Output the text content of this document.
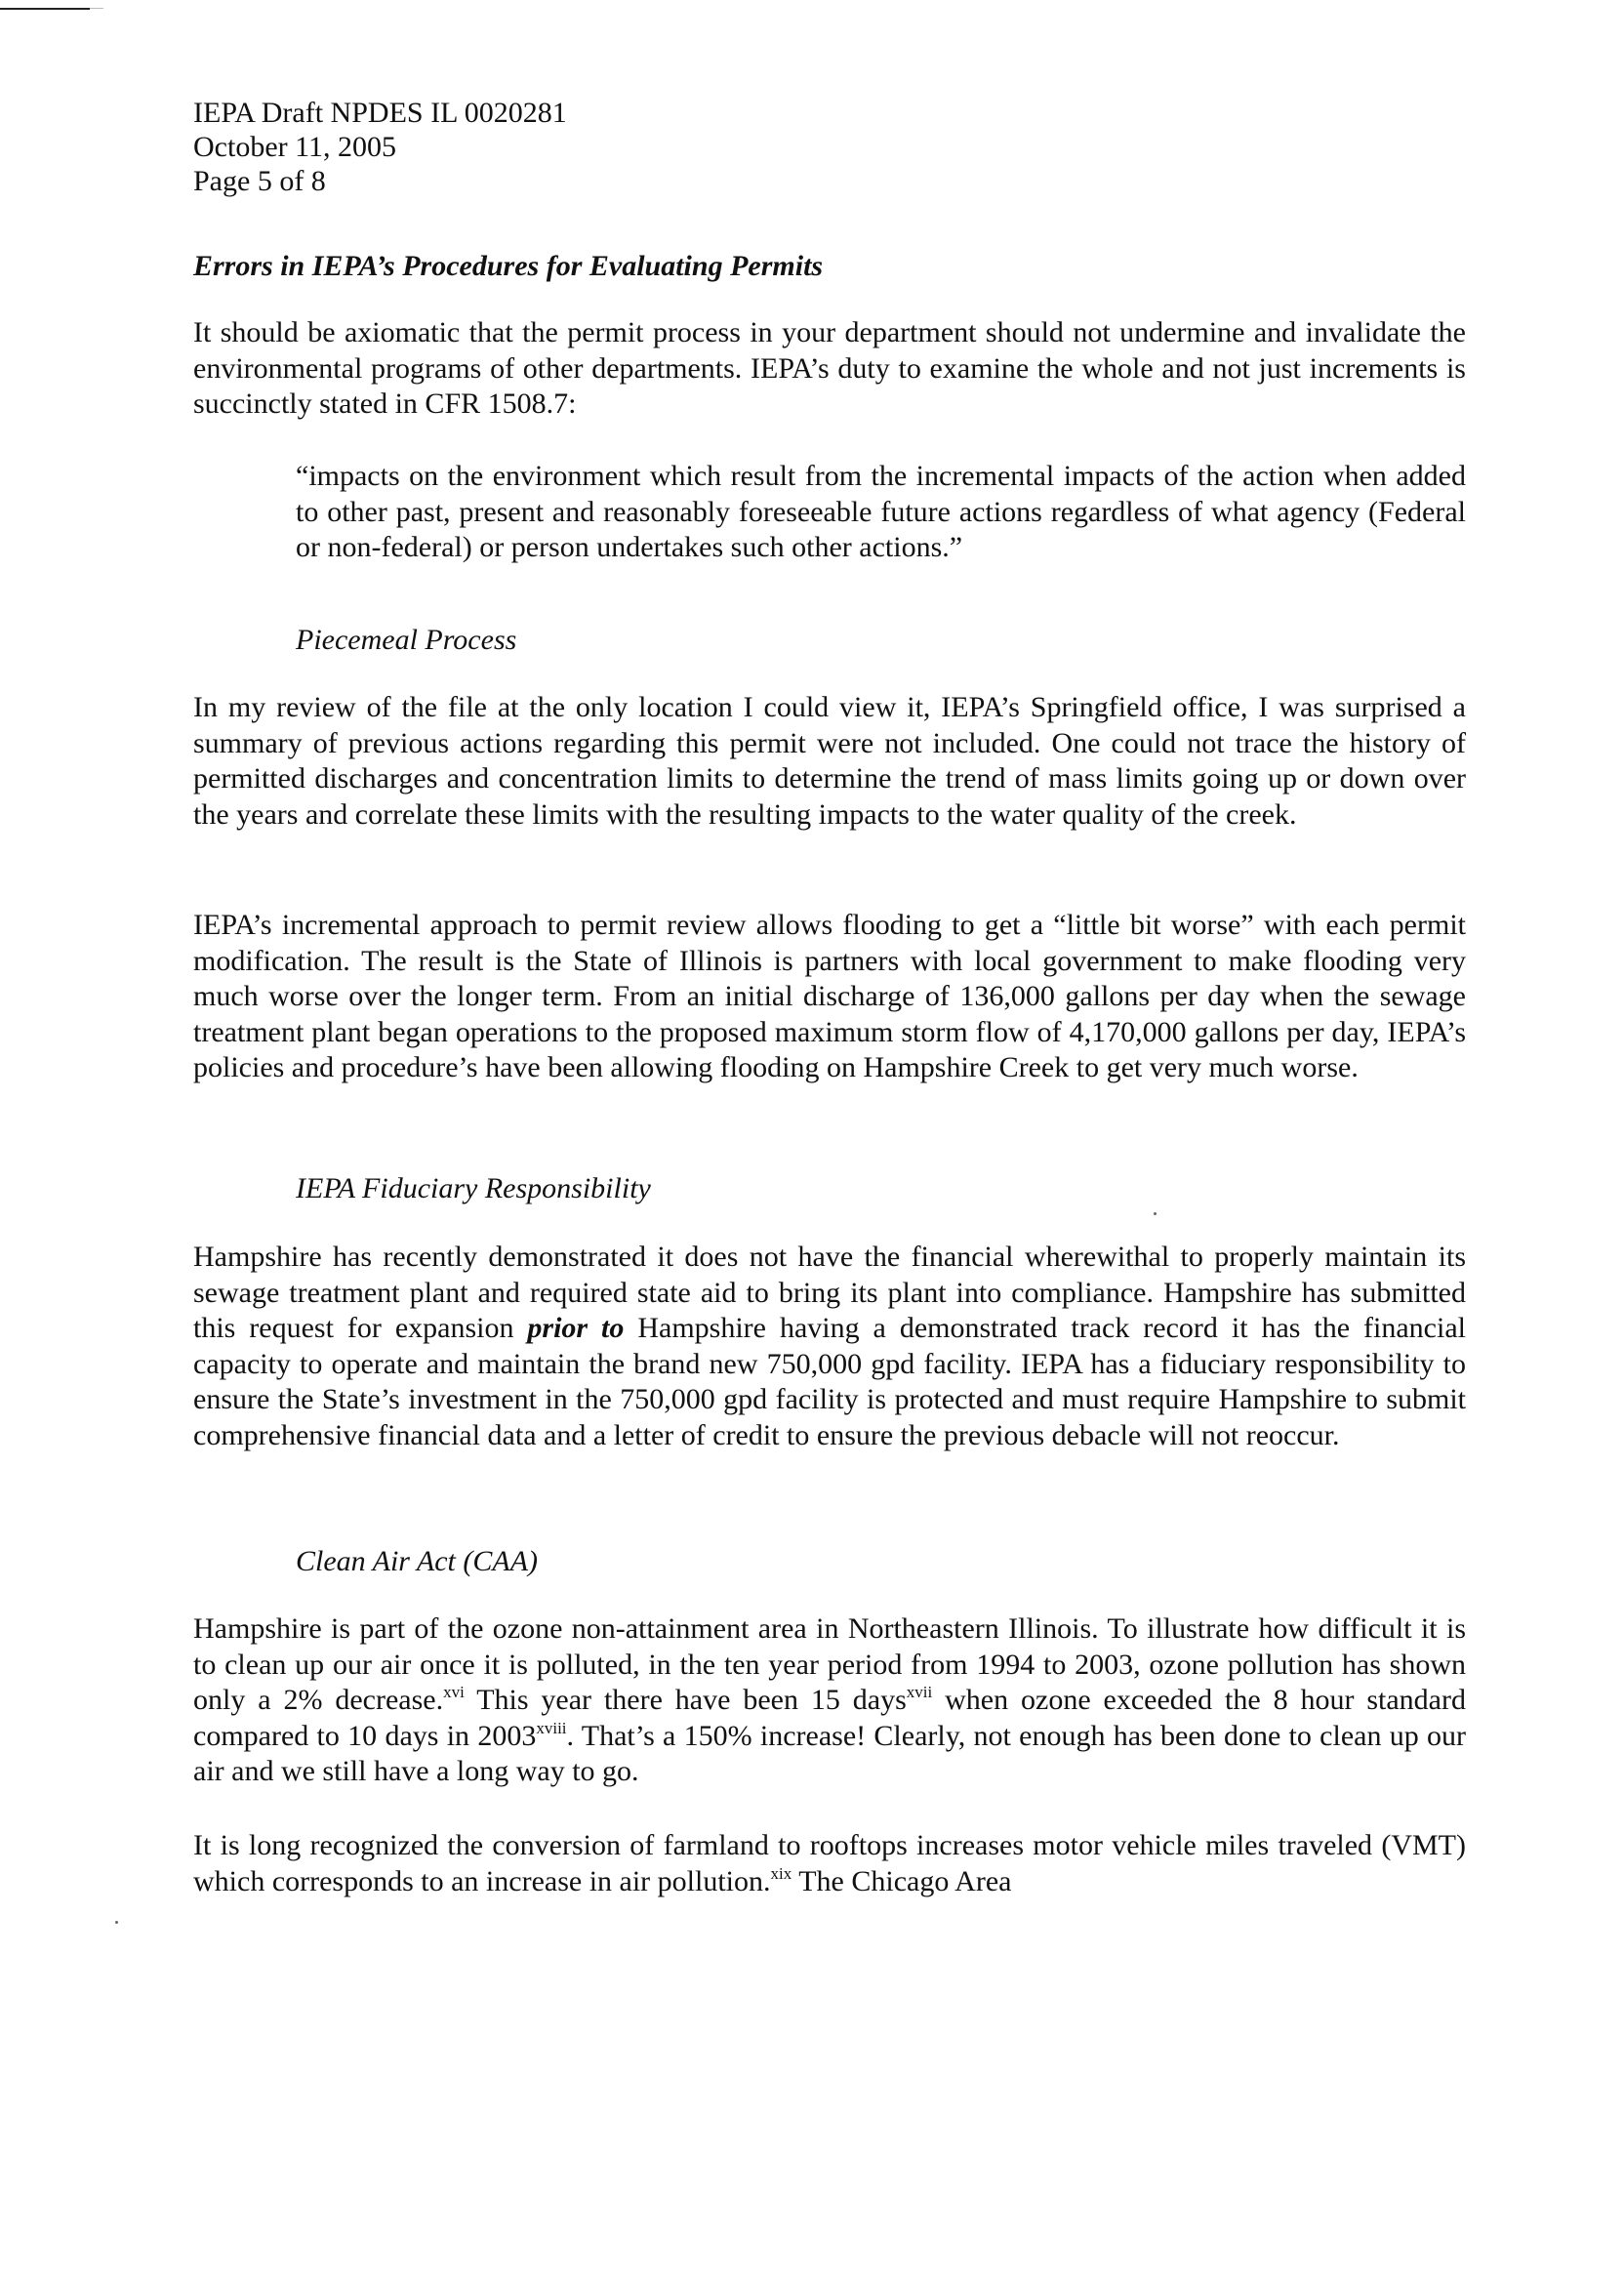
IEPA Draft NPDES IL 0020281
October 11, 2005
Page 5 of 8
Errors in IEPA’s Procedures for Evaluating Permits
It should be axiomatic that the permit process in your department should not undermine and invalidate the environmental programs of other departments. IEPA’s duty to examine the whole and not just increments is succinctly stated in CFR 1508.7:
“impacts on the environment which result from the incremental impacts of the action when added to other past, present and reasonably foreseeable future actions regardless of what agency (Federal or non-federal) or person undertakes such other actions.”
Piecemeal Process
In my review of the file at the only location I could view it, IEPA’s Springfield office, I was surprised a summary of previous actions regarding this permit were not included. One could not trace the history of permitted discharges and concentration limits to determine the trend of mass limits going up or down over the years and correlate these limits with the resulting impacts to the water quality of the creek.
IEPA’s incremental approach to permit review allows flooding to get a “little bit worse” with each permit modification. The result is the State of Illinois is partners with local government to make flooding very much worse over the longer term. From an initial discharge of 136,000 gallons per day when the sewage treatment plant began operations to the proposed maximum storm flow of 4,170,000 gallons per day, IEPA’s policies and procedure’s have been allowing flooding on Hampshire Creek to get very much worse.
IEPA Fiduciary Responsibility
Hampshire has recently demonstrated it does not have the financial wherewithal to properly maintain its sewage treatment plant and required state aid to bring its plant into compliance. Hampshire has submitted this request for expansion prior to Hampshire having a demonstrated track record it has the financial capacity to operate and maintain the brand new 750,000 gpd facility. IEPA has a fiduciary responsibility to ensure the State’s investment in the 750,000 gpd facility is protected and must require Hampshire to submit comprehensive financial data and a letter of credit to ensure the previous debacle will not reoccur.
Clean Air Act (CAA)
Hampshire is part of the ozone non-attainment area in Northeastern Illinois. To illustrate how difficult it is to clean up our air once it is polluted, in the ten year period from 1994 to 2003, ozone pollution has shown only a 2% decrease.$^{xvi}$ This year there have been 15 days$^{xvii}$ when ozone exceeded the 8 hour standard compared to 10 days in $2003^{xviii}$. That’s a 150% increase! Clearly, not enough has been done to clean up our air and we still have a long way to go.
It is long recognized the conversion of farmland to rooftops increases motor vehicle miles traveled (VMT) which corresponds to an increase in air pollution.$^{xix}$ The Chicago Area
